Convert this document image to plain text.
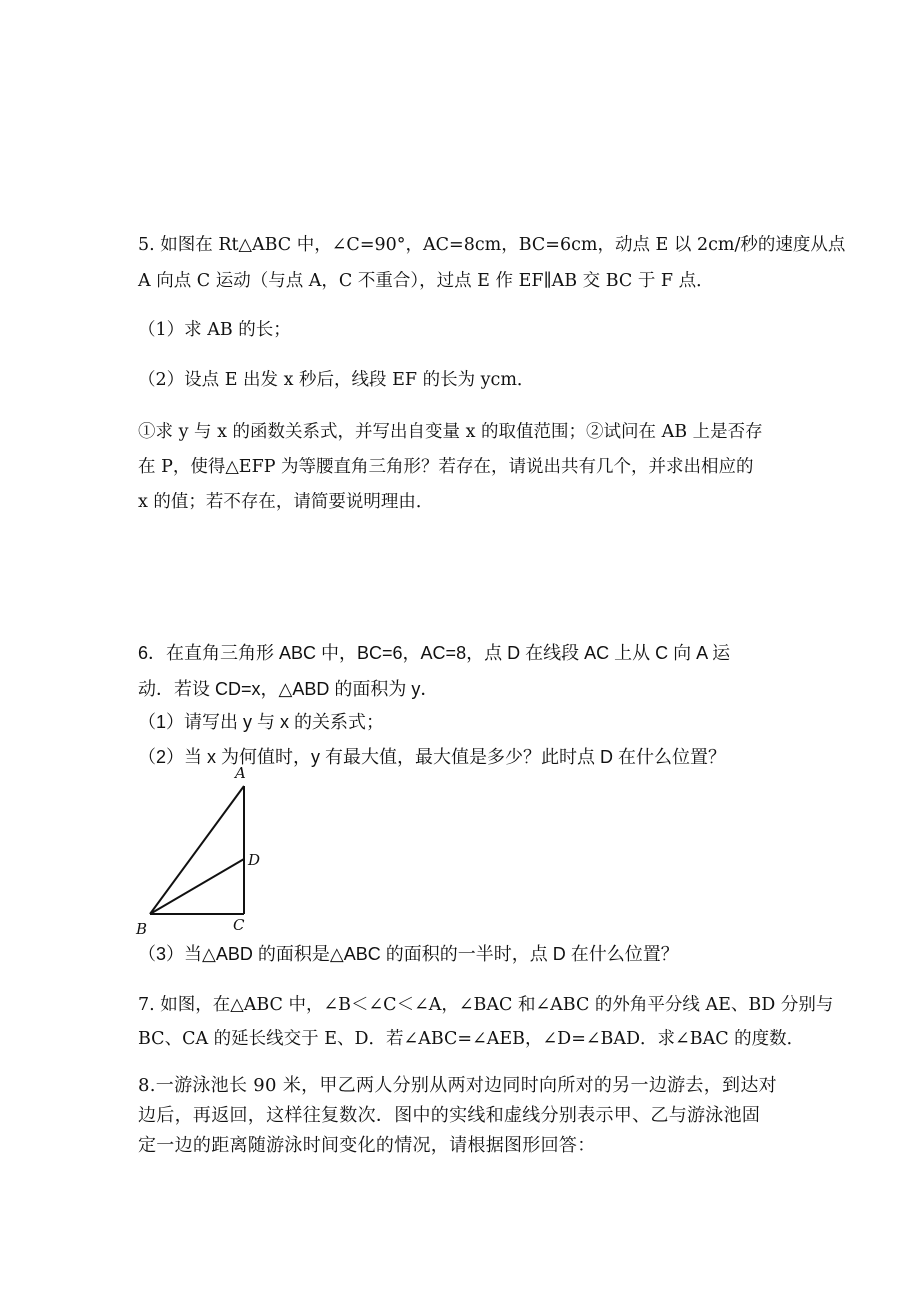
5. 如图在 Rt△ABC 中，∠C=90°，AC=8cm，BC=6cm，动点 E 以 2cm/秒的速度从点
A 向点 C 运动（与点 A，C 不重合），过点 E 作 EF∥AB 交 BC 于 F 点．
（1）求 AB 的长；
（2）设点 E 出发 x 秒后，线段 EF 的长为 ycm．
①求 y 与 x 的函数关系式，并写出自变量 x 的取值范围；②试问在 AB 上是否存
在 P，使得△EFP 为等腰直角三角形？若存在，请说出共有几个，并求出相应的
x 的值；若不存在，请简要说明理由．
6．在直角三角形 ABC 中，BC=6，AC=8，点 D 在线段 AC 上从 C 向 A 运
动．若设 CD=x，△ABD 的面积为 y．
（1）请写出 y 与 x 的关系式；
（2）当 x 为何值时，y 有最大值，最大值是多少？此时点 D 在什么位置？
A
D
B	C
（3）当△ABD 的面积是△ABC 的面积的一半时，点 D 在什么位置？
7. 如图，在△ABC 中，∠B＜∠C＜∠A，∠BAC 和∠ABC 的外角平分线 AE、BD 分别与
BC、CA 的延长线交于 E、D．若∠ABC=∠AEB，∠D=∠BAD．求∠BAC 的度数．
8.一游泳池长 90 米，甲乙两人分别从两对边同时向所对的另一边游去，到达对
边后，再返回，这样往复数次．图中的实线和虚线分别表示甲、乙与游泳池固
定一边的距离随游泳时间变化的情况，请根据图形回答：
